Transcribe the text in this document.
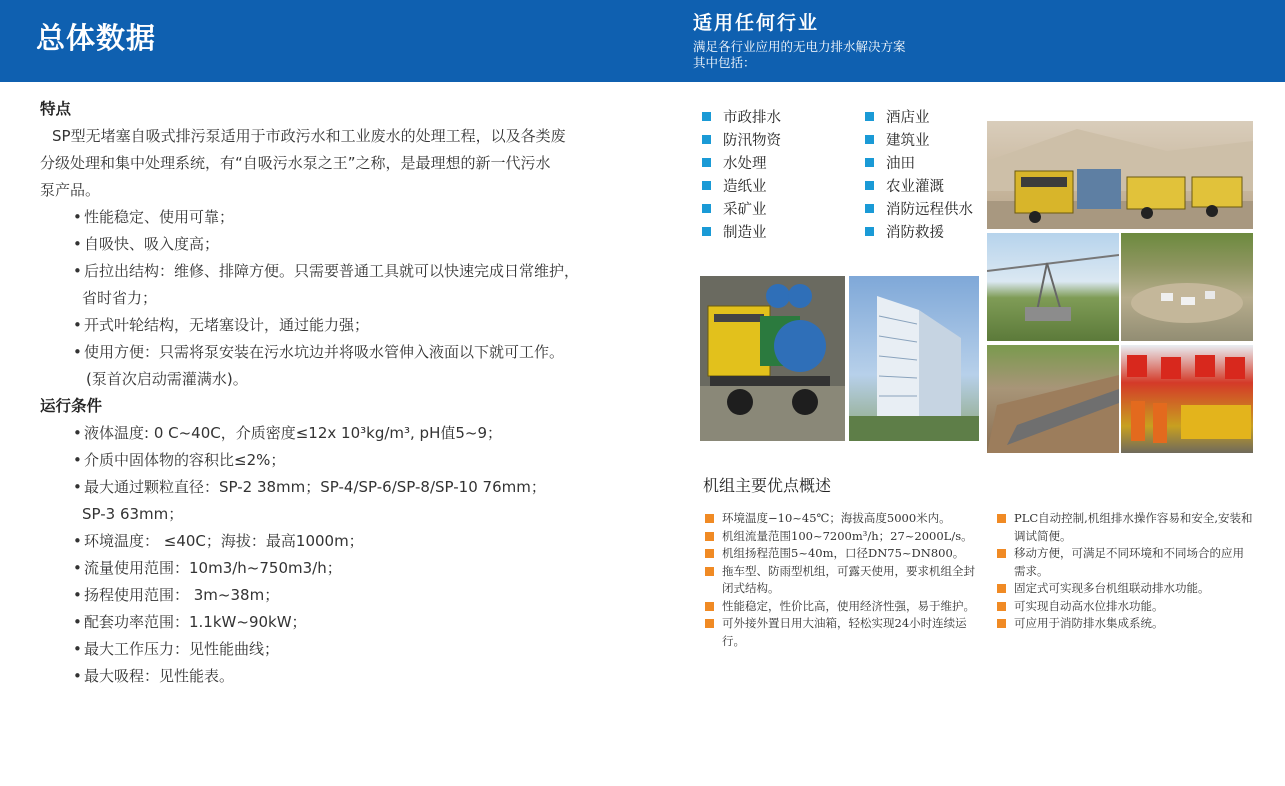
总体数据	适用任何行业
满足各行业应用的无电力排水解决方案
其中包括：
特点
SP型无堵塞自吸式排污泵适用于市政污水和工业废水的处理工程，以及各类废
分级处理和集中处理系统，有“自吸污水泵之王”之称，是最理想的新一代污水
泵产品。
• 性能稳定、使用可靠；
• 自吸快、吸入度高；
• 后拉出结构：维修、排障方便。只需要普通工具就可以快速完成日常维护，
省时省力；
• 开式叶轮结构，无堵塞设计，通过能力强；
• 使用方便：只需将泵安装在污水坑边并将吸水管伸入液面以下就可工作。
(泵首次启动需灌满水)。
运行条件
• 液体温度: 0 C~40C，介质密度≤12x 10³kg/m³, pH值5~9；
• 介质中固体物的容积比≤2%；
• 最大通过颗粒直径：SP-2 38mm；SP-4/SP-6/SP-8/SP-10 76mm；
SP-3 63mm；
• 环境温度： ≤40C；海拔：最高1000m；
• 流量使用范围：10m3/h~750m3/h；
• 扬程使用范围： 3m~38m；
• 配套功率范围：1.1kW~90kW；
• 最大工作压力：见性能曲线；
• 最大吸程：见性能表。
市政排水
防汛物资
水处理
造纸业
采矿业
制造业
酒店业
建筑业
油田
农业灌溉
消防远程供水
消防救援
机组主要优点概述
环境温度−10~45℃；海拔高度5000米内。
机组流量范围100~7200m³/h；27~2000L/s。
机组扬程范围5~40m，口径DN75~DN800。
拖车型、防雨型机组，可露天使用，要求机组全封闭式结构。
性能稳定，性价比高，使用经济性强，易于维护。
可外接外置日用大油箱，轻松实现24小时连续运行。
PLC自动控制,机组排水操作容易和安全,安装和调试简便。
移动方便，可满足不同环境和不同场合的应用需求。
固定式可实现多台机组联动排水功能。
可实现自动高水位排水功能。
可应用于消防排水集成系统。
